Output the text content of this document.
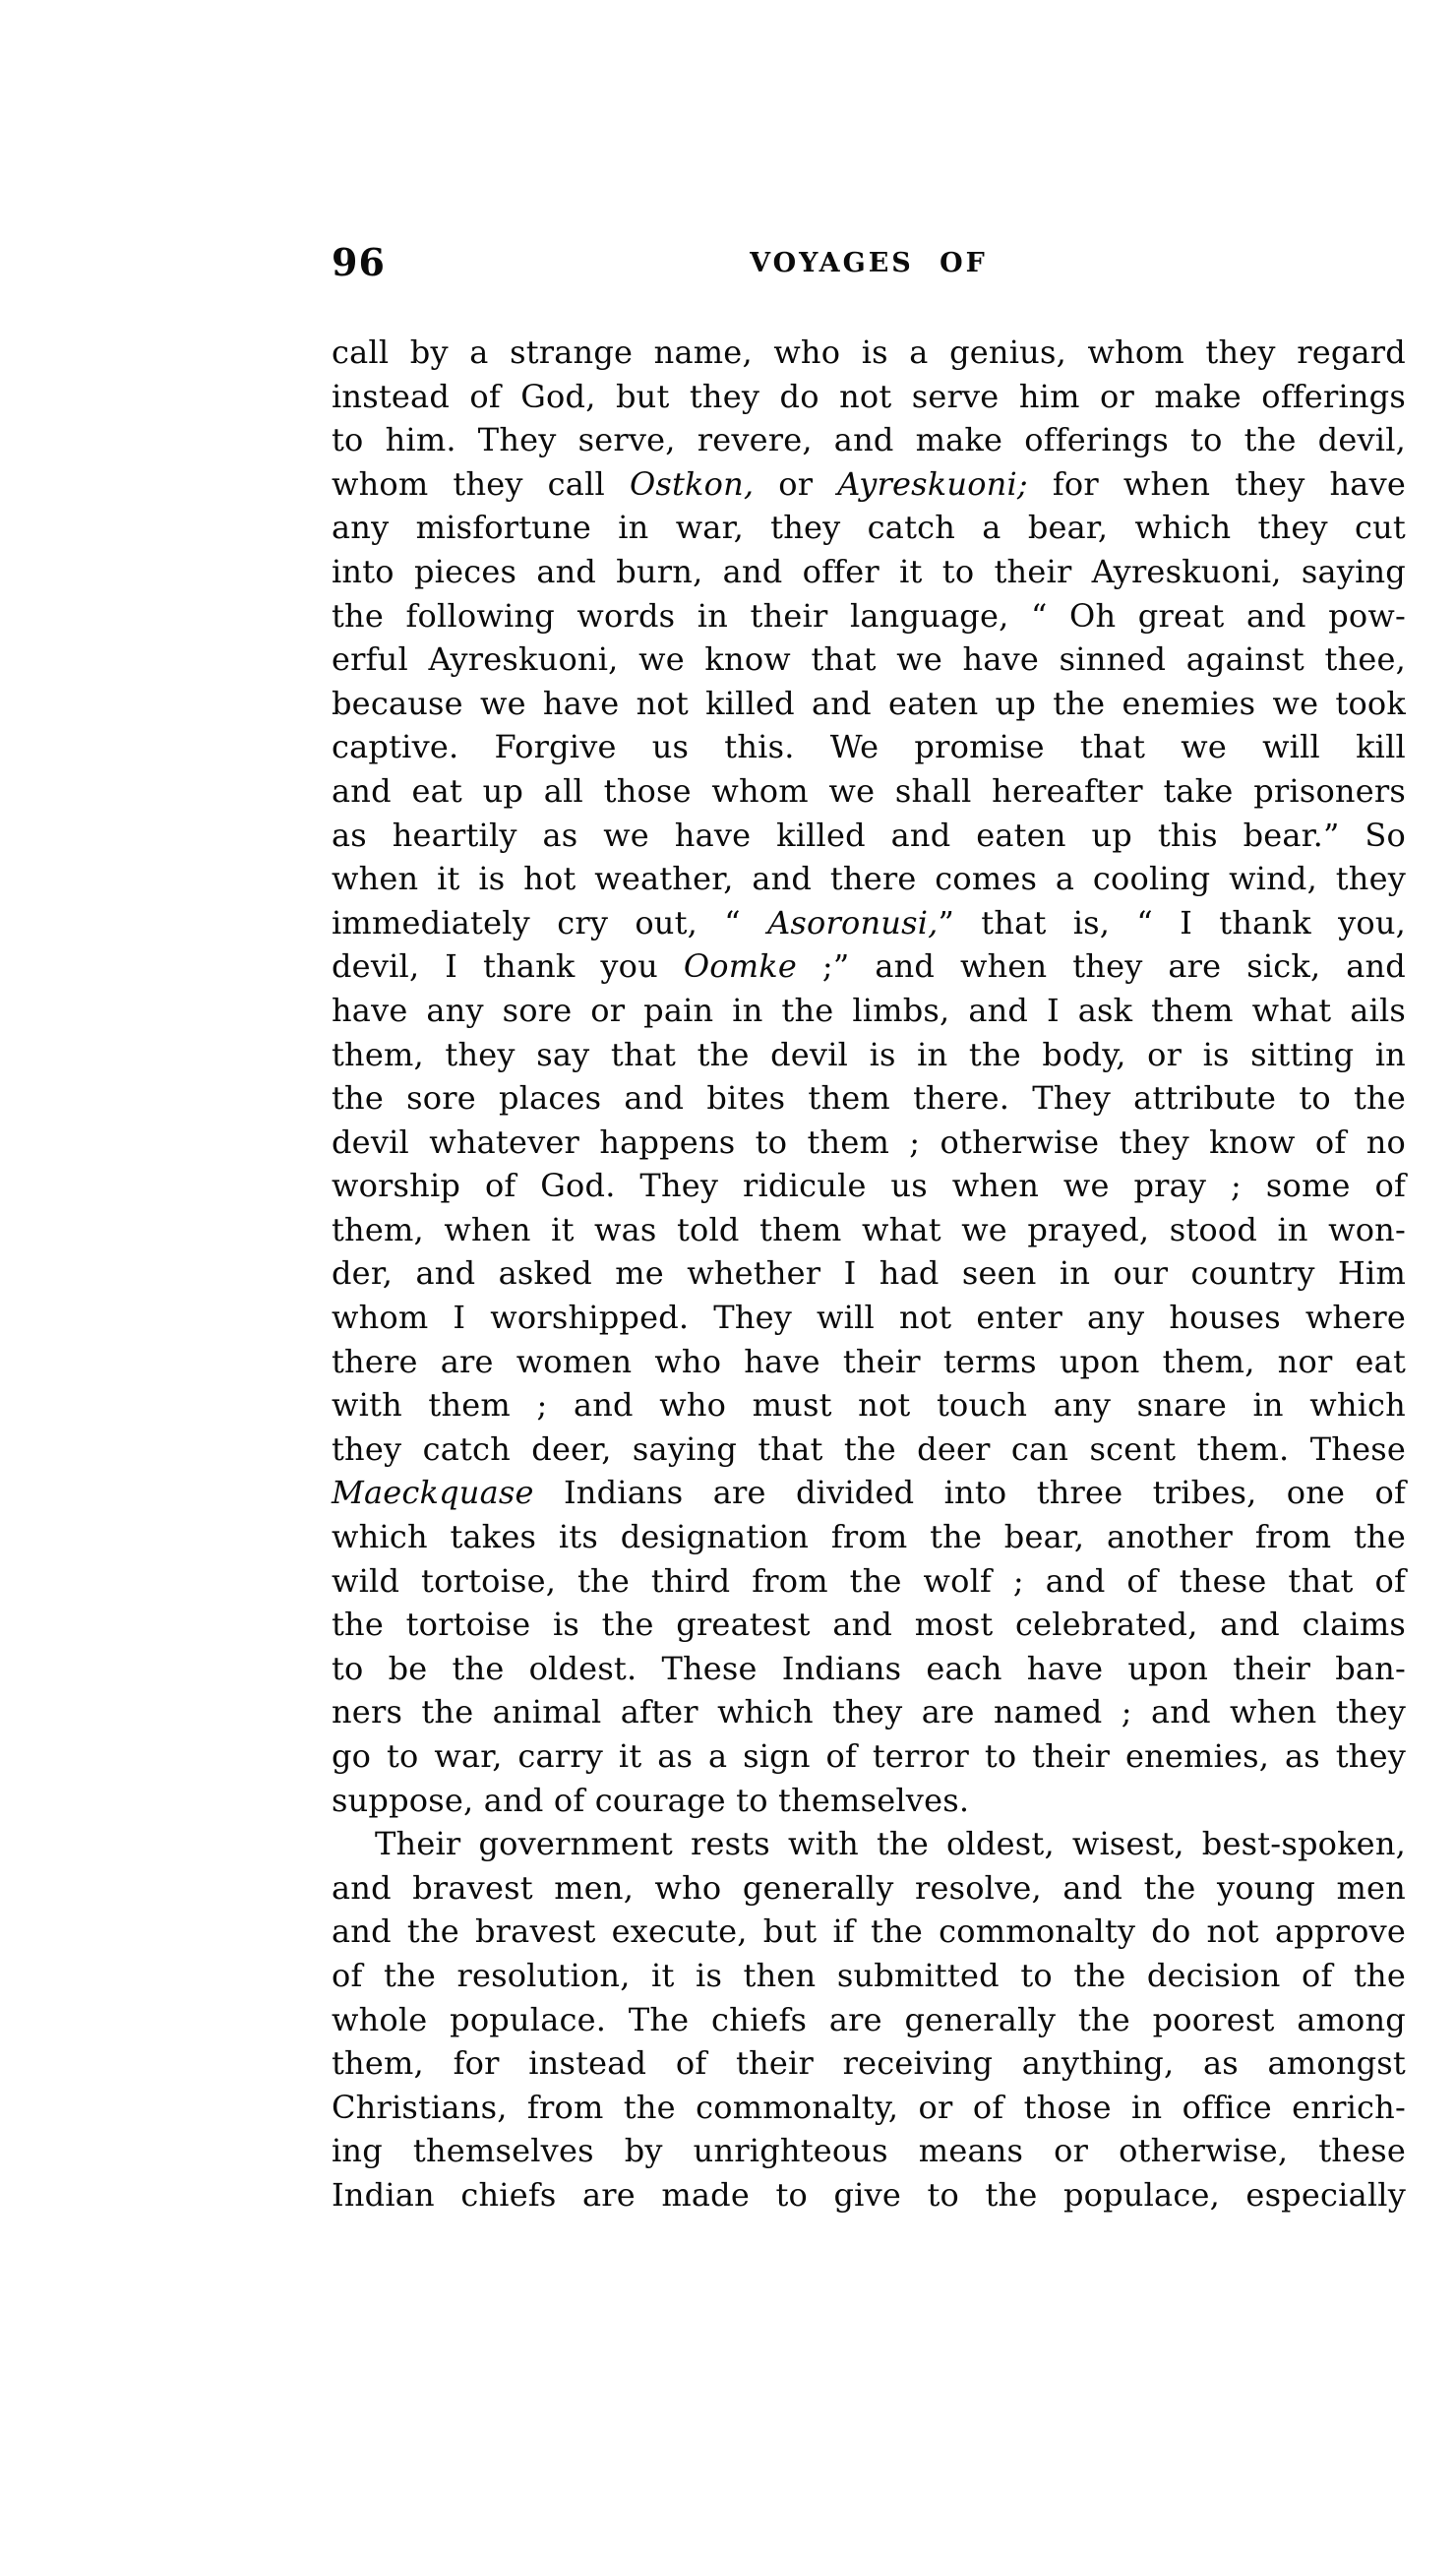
96	VOYAGES OF
call by a strange name, who is a genius, whom they regard
instead of God, but they do not serve him or make offerings
to him. They serve, revere, and make offerings to the devil,
whom they call Ostkon, or Ayreskuoni; for when they have
any misfortune in war, they catch a bear, which they cut
into pieces and burn, and offer it to their Ayreskuoni, saying
the following words in their language, “ Oh great and pow-
erful Ayreskuoni, we know that we have sinned against thee,
because we have not killed and eaten up the enemies we took
captive. Forgive us this. We promise that we will kill
and eat up all those whom we shall hereafter take prisoners
as heartily as we have killed and eaten up this bear.” So
when it is hot weather, and there comes a cooling wind, they
immediately cry out, “ Asoronusi,” that is, “ I thank you,
devil, I thank you Oomke ;” and when they are sick, and
have any sore or pain in the limbs, and I ask them what ails
them, they say that the devil is in the body, or is sitting in
the sore places and bites them there. They attribute to the
devil whatever happens to them ; otherwise they know of no
worship of God. They ridicule us when we pray ; some of
them, when it was told them what we prayed, stood in won-
der, and asked me whether I had seen in our country Him
whom I worshipped. They will not enter any houses where
there are women who have their terms upon them, nor eat
with them ; and who must not touch any snare in which
they catch deer, saying that the deer can scent them. These
Maeckquase Indians are divided into three tribes, one of
which takes its designation from the bear, another from the
wild tortoise, the third from the wolf ; and of these that of
the tortoise is the greatest and most celebrated, and claims
to be the oldest. These Indians each have upon their ban-
ners the animal after which they are named ; and when they
go to war, carry it as a sign of terror to their enemies, as they
suppose, and of courage to themselves.
Their government rests with the oldest, wisest, best-spoken,
and bravest men, who generally resolve, and the young men
and the bravest execute, but if the commonalty do not approve
of the resolution, it is then submitted to the decision of the
whole populace. The chiefs are generally the poorest among
them, for instead of their receiving anything, as amongst
Christians, from the commonalty, or of those in office enrich-
ing themselves by unrighteous means or otherwise, these
Indian chiefs are made to give to the populace, especially
